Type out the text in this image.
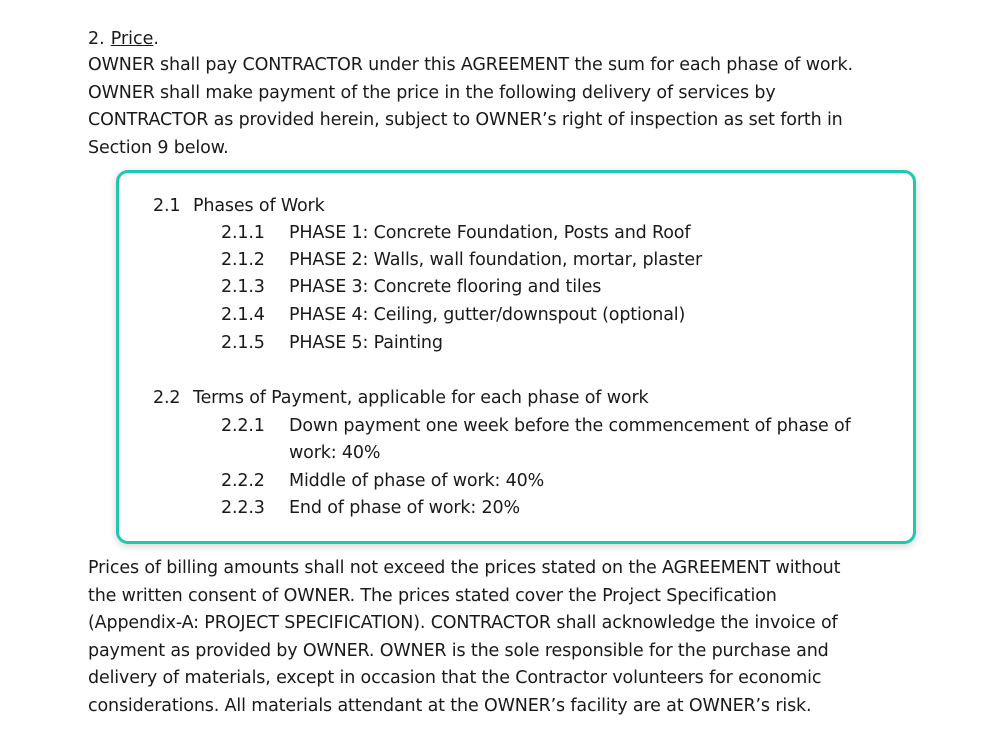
2. Price.
OWNER shall pay CONTRACTOR under this AGREEMENT the sum for each phase of work.
OWNER shall make payment of the price in the following delivery of services by
CONTRACTOR as provided herein, subject to OWNER’s right of inspection as set forth in
Section 9 below.
2.1 Phases of Work
2.1.1 PHASE 1: Concrete Foundation, Posts and Roof
2.1.2 PHASE 2: Walls, wall foundation, mortar, plaster
2.1.3 PHASE 3: Concrete flooring and tiles
2.1.4 PHASE 4: Ceiling, gutter/downspout (optional)
2.1.5 PHASE 5: Painting
2.2 Terms of Payment, applicable for each phase of work
2.2.1 Down payment one week before the commencement of phase of
work: 40%
2.2.2 Middle of phase of work: 40%
2.2.3 End of phase of work: 20%
Prices of billing amounts shall not exceed the prices stated on the AGREEMENT without
the written consent of OWNER. The prices stated cover the Project Specification
(Appendix-A: PROJECT SPECIFICATION). CONTRACTOR shall acknowledge the invoice of
payment as provided by OWNER. OWNER is the sole responsible for the purchase and
delivery of materials, except in occasion that the Contractor volunteers for economic
considerations. All materials attendant at the OWNER’s facility are at OWNER’s risk.
